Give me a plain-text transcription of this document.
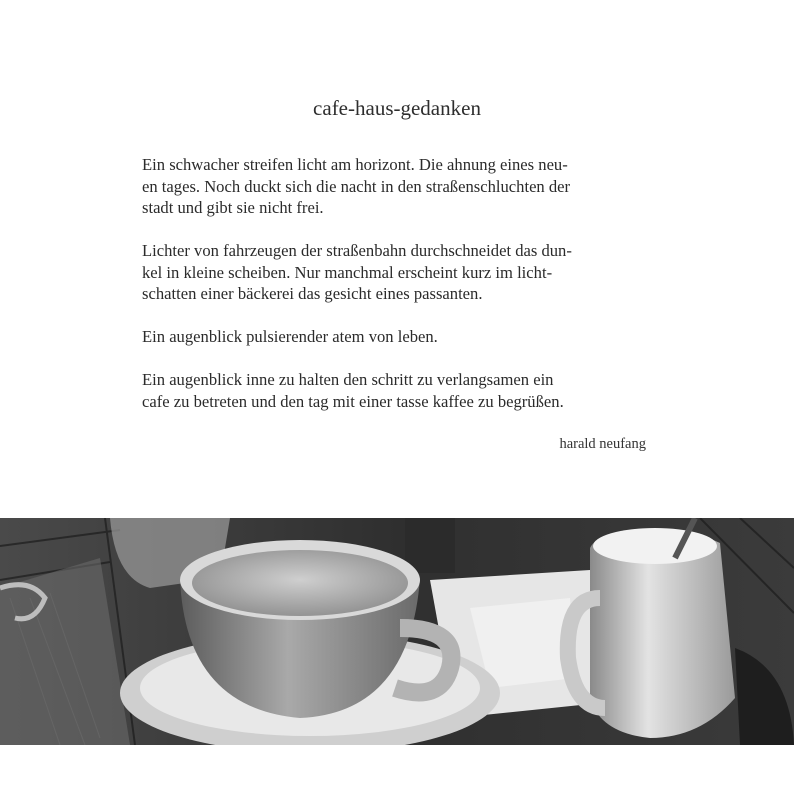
cafe-haus-gedanken
Ein schwacher streifen licht am horizont. Die ahnung eines neu-
en tages. Noch duckt sich die nacht in den straßenschluchten der
stadt und gibt sie nicht frei.
Lichter von fahrzeugen der straßenbahn durchschneidet das dun-
kel in kleine scheiben. Nur manchmal erscheint kurz im licht-
schatten einer bäckerei das gesicht eines passanten.
Ein augenblick pulsierender atem von leben.
Ein augenblick inne zu halten den schritt zu verlangsamen ein
cafe zu betreten und den tag mit einer tasse kaffee zu begrüßen.
harald neufang
